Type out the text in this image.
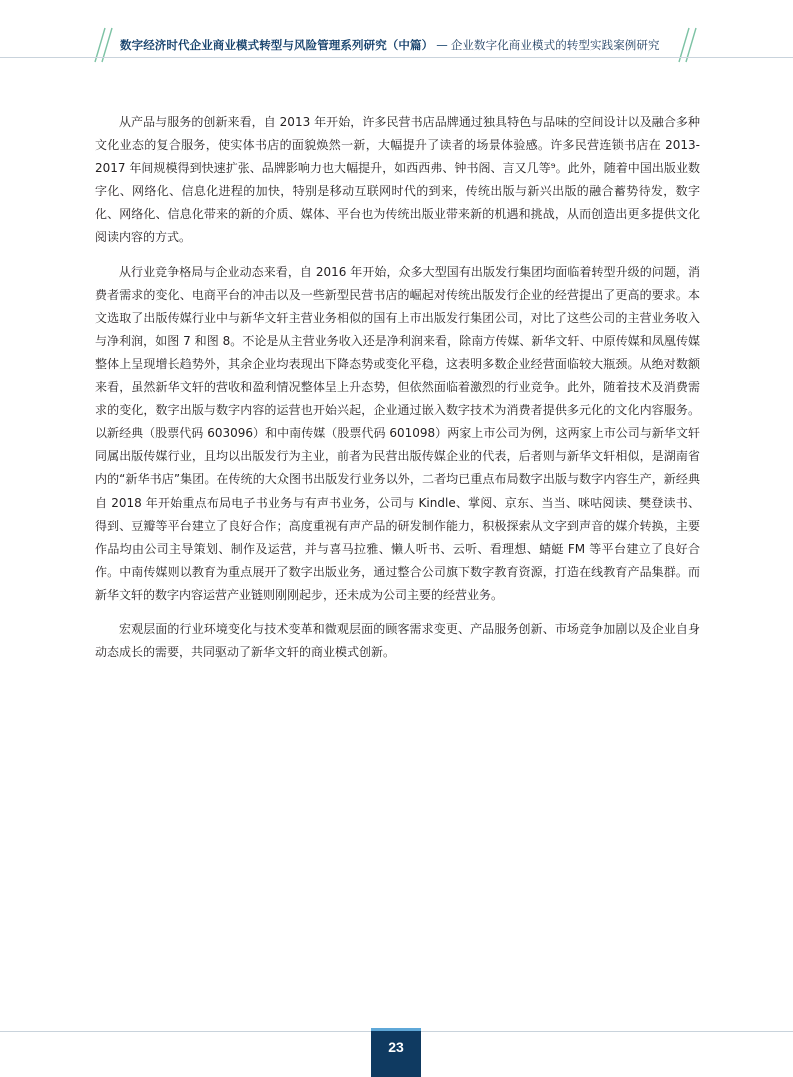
数字经济时代企业商业模式转型与风险管理系列研究（中篇） — 企业数字化商业模式的转型实践案例研究

从产品与服务的创新来看，自 2013 年开始，许多民营书店品牌通过独具特色与品味的空间设计以及融合多种文化业态的复合服务，使实体书店的面貌焕然一新，大幅提升了读者的场景体验感。许多民营连锁书店在 2013-2017 年间规模得到快速扩张、品牌影响力也大幅提升，如西西弗、钟书阁、言又几等⁹。此外，随着中国出版业数字化、网络化、信息化进程的加快，特别是移动互联网时代的到来，传统出版与新兴出版的融合蓄势待发，数字化、网络化、信息化带来的新的介质、媒体、平台也为传统出版业带来新的机遇和挑战，从而创造出更多提供文化阅读内容的方式。

从行业竞争格局与企业动态来看，自 2016 年开始，众多大型国有出版发行集团均面临着转型升级的问题，消费者需求的变化、电商平台的冲击以及一些新型民营书店的崛起对传统出版发行企业的经营提出了更高的要求。本文选取了出版传媒行业中与新华文轩主营业务相似的国有上市出版发行集团公司，对比了这些公司的主营业务收入与净利润，如图 7 和图 8。不论是从主营业务收入还是净利润来看，除南方传媒、新华文轩、中原传媒和凤凰传媒整体上呈现增长趋势外，其余企业均表现出下降态势或变化平稳，这表明多数企业经营面临较大瓶颈。从绝对数额来看，虽然新华文轩的营收和盈利情况整体呈上升态势，但依然面临着激烈的行业竞争。此外，随着技术及消费需求的变化，数字出版与数字内容的运营也开始兴起，企业通过嵌入数字技术为消费者提供多元化的文化内容服务。以新经典（股票代码 603096）和中南传媒（股票代码 601098）两家上市公司为例，这两家上市公司与新华文轩同属出版传媒行业，且均以出版发行为主业，前者为民营出版传媒企业的代表，后者则与新华文轩相似，是湖南省内的“新华书店”集团。在传统的大众图书出版发行业务以外，二者均已重点布局数字出版与数字内容生产，新经典自 2018 年开始重点布局电子书业务与有声书业务，公司与 Kindle、掌阅、京东、当当、咪咕阅读、樊登读书、得到、豆瓣等平台建立了良好合作；高度重视有声产品的研发制作能力，积极探索从文字到声音的媒介转换，主要作品均由公司主导策划、制作及运营，并与喜马拉雅、懒人听书、云听、看理想、蜻蜓 FM 等平台建立了良好合作。中南传媒则以教育为重点展开了数字出版业务，通过整合公司旗下数字教育资源，打造在线教育产品集群。而新华文轩的数字内容运营产业链则刚刚起步，还未成为公司主要的经营业务。

宏观层面的行业环境变化与技术变革和微观层面的顾客需求变更、产品服务创新、市场竞争加剧以及企业自身动态成长的需要，共同驱动了新华文轩的商业模式创新。

23
